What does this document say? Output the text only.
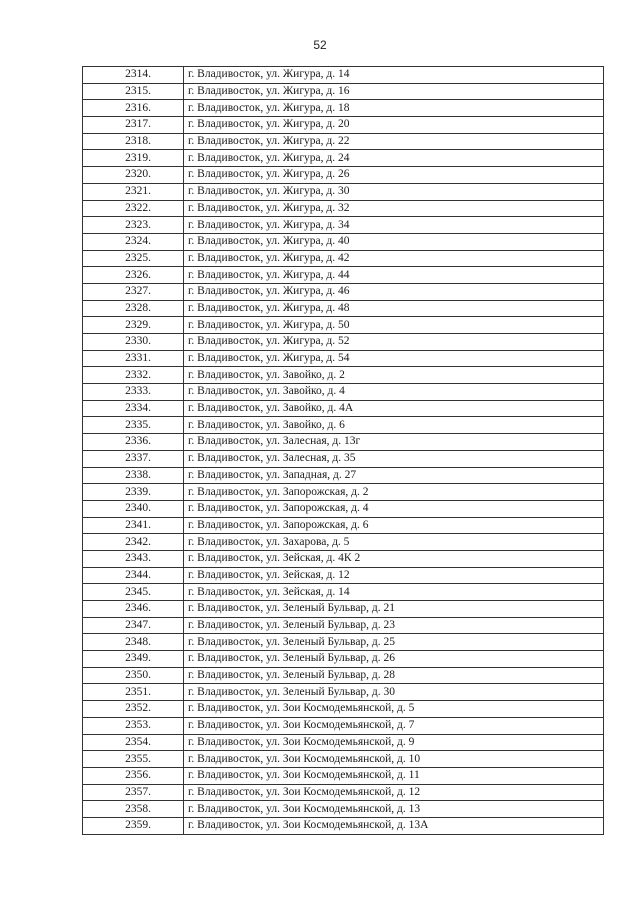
52
2314.	г. Владивосток, ул. Жигура, д. 14
2315.	г. Владивосток, ул. Жигура, д. 16
2316.	г. Владивосток, ул. Жигура, д. 18
2317.	г. Владивосток, ул. Жигура, д. 20
2318.	г. Владивосток, ул. Жигура, д. 22
2319.	г. Владивосток, ул. Жигура, д. 24
2320.	г. Владивосток, ул. Жигура, д. 26
2321.	г. Владивосток, ул. Жигура, д. 30
2322.	г. Владивосток, ул. Жигура, д. 32
2323.	г. Владивосток, ул. Жигура, д. 34
2324.	г. Владивосток, ул. Жигура, д. 40
2325.	г. Владивосток, ул. Жигура, д. 42
2326.	г. Владивосток, ул. Жигура, д. 44
2327.	г. Владивосток, ул. Жигура, д. 46
2328.	г. Владивосток, ул. Жигура, д. 48
2329.	г. Владивосток, ул. Жигура, д. 50
2330.	г. Владивосток, ул. Жигура, д. 52
2331.	г. Владивосток, ул. Жигура, д. 54
2332.	г. Владивосток, ул. Завойко, д. 2
2333.	г. Владивосток, ул. Завойко, д. 4
2334.	г. Владивосток, ул. Завойко, д. 4А
2335.	г. Владивосток, ул. Завойко, д. 6
2336.	г. Владивосток, ул. Залесная, д. 13г
2337.	г. Владивосток, ул. Залесная, д. 35
2338.	г. Владивосток, ул. Западная, д. 27
2339.	г. Владивосток, ул. Запорожская, д. 2
2340.	г. Владивосток, ул. Запорожская, д. 4
2341.	г. Владивосток, ул. Запорожская, д. 6
2342.	г. Владивосток, ул. Захарова, д. 5
2343.	г. Владивосток, ул. Зейская, д. 4К 2
2344.	г. Владивосток, ул. Зейская, д. 12
2345.	г. Владивосток, ул. Зейская, д. 14
2346.	г. Владивосток, ул. Зеленый Бульвар, д. 21
2347.	г. Владивосток, ул. Зеленый Бульвар, д. 23
2348.	г. Владивосток, ул. Зеленый Бульвар, д. 25
2349.	г. Владивосток, ул. Зеленый Бульвар, д. 26
2350.	г. Владивосток, ул. Зеленый Бульвар, д. 28
2351.	г. Владивосток, ул. Зеленый Бульвар, д. 30
2352.	г. Владивосток, ул. Зои Космодемьянской, д. 5
2353.	г. Владивосток, ул. Зои Космодемьянской, д. 7
2354.	г. Владивосток, ул. Зои Космодемьянской, д. 9
2355.	г. Владивосток, ул. Зои Космодемьянской, д. 10
2356.	г. Владивосток, ул. Зои Космодемьянской, д. 11
2357.	г. Владивосток, ул. Зои Космодемьянской, д. 12
2358.	г. Владивосток, ул. Зои Космодемьянской, д. 13
2359.	г. Владивосток, ул. Зои Космодемьянской, д. 13А
